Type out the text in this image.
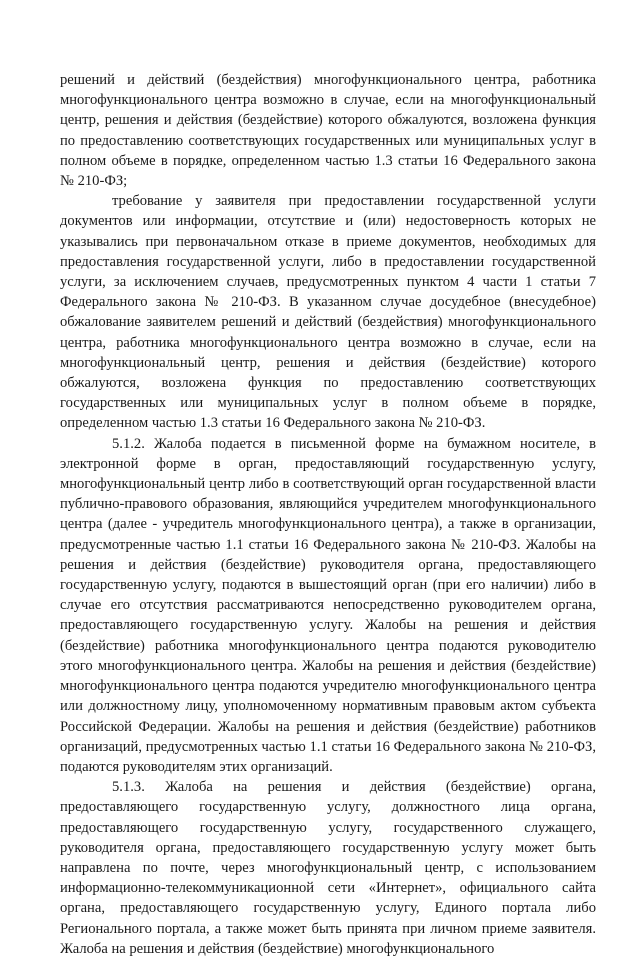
решений и действий (бездействия) многофункционального центра, работника многофункционального центра возможно в случае, если на многофункциональный центр, решения и действия (бездействие) которого обжалуются, возложена функция по предоставлению соответствующих государственных или муниципальных услуг в полном объеме в порядке, определенном частью 1.3 статьи 16 Федерального закона № 210-ФЗ;

требование у заявителя при предоставлении государственной услуги документов или информации, отсутствие и (или) недостоверность которых не указывались при первоначальном отказе в приеме документов, необходимых для предоставления государственной услуги, либо в предоставлении государственной услуги, за исключением случаев, предусмотренных пунктом 4 части 1 статьи 7 Федерального закона № 210-ФЗ. В указанном случае досудебное (внесудебное) обжалование заявителем решений и действий (бездействия) многофункционального центра, работника многофункционального центра возможно в случае, если на многофункциональный центр, решения и действия (бездействие) которого обжалуются, возложена функция по предоставлению соответствующих государственных или муниципальных услуг в полном объеме в порядке, определенном частью 1.3 статьи 16 Федерального закона № 210-ФЗ.

5.1.2. Жалоба подается в письменной форме на бумажном носителе, в электронной форме в орган, предоставляющий государственную услугу, многофункциональный центр либо в соответствующий орган государственной власти публично-правового образования, являющийся учредителем многофункционального центра (далее - учредитель многофункционального центра), а также в организации, предусмотренные частью 1.1 статьи 16 Федерального закона № 210-ФЗ. Жалобы на решения и действия (бездействие) руководителя органа, предоставляющего государственную услугу, подаются в вышестоящий орган (при его наличии) либо в случае его отсутствия рассматриваются непосредственно руководителем органа, предоставляющего государственную услугу. Жалобы на решения и действия (бездействие) работника многофункционального центра подаются руководителю этого многофункционального центра. Жалобы на решения и действия (бездействие) многофункционального центра подаются учредителю многофункционального центра или должностному лицу, уполномоченному нормативным правовым актом субъекта Российской Федерации. Жалобы на решения и действия (бездействие) работников организаций, предусмотренных частью 1.1 статьи 16 Федерального закона № 210-ФЗ, подаются руководителям этих организаций.

5.1.3. Жалоба на решения и действия (бездействие) органа, предоставляющего государственную услугу, должностного лица органа, предоставляющего государственную услугу, государственного служащего, руководителя органа, предоставляющего государственную услугу может быть направлена по почте, через многофункциональный центр, с использованием информационно-телекоммуникационной сети «Интернет», официального сайта органа, предоставляющего государственную услугу, Единого портала либо Регионального портала, а также может быть принята при личном приеме заявителя. Жалоба на решения и действия (бездействие) многофункционального
